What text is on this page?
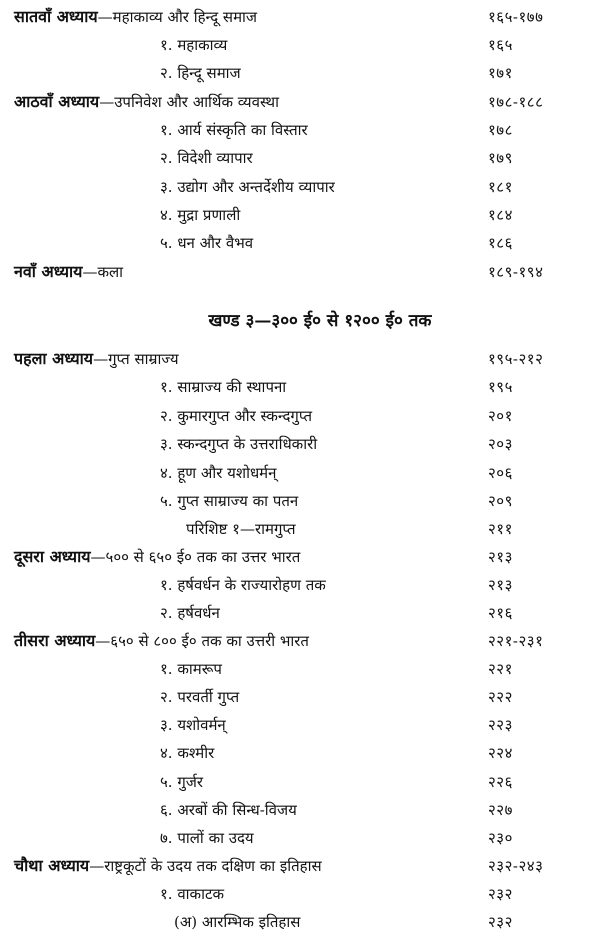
खण्ड ३—३०० ई० से १२०० ई० तक
सातवाँ अध्याय—महाकाव्य और हिन्दू समाज	१६५-१७७
१. महाकाव्य	१६५
२. हिन्दू समाज	१७१
आठवाँ अध्याय—उपनिवेश और आर्थिक व्यवस्था	१७८-१८८
१. आर्य संस्कृति का विस्तार	१७८
२. विदेशी व्यापार	१७९
३. उद्योग और अन्तर्देशीय व्यापार	१८१
४. मुद्रा प्रणाली	१८४
५. धन और वैभव	१८६
नवाँ अध्याय—कला	१८९-१९४
पहला अध्याय—गुप्त साम्राज्य	१९५-२१२
१. साम्राज्य की स्थापना	१९५
२. कुमारगुप्त और स्कन्दगुप्त	२०१
३. स्कन्दगुप्त के उत्तराधिकारी	२०३
४. हूण और यशोधर्मन्	२०६
५. गुप्त साम्राज्य का पतन	२०९
परिशिष्ट १—रामगुप्त	२११
दूसरा अध्याय—५०० से ६५० ई० तक का उत्तर भारत	२१३
१. हर्षवर्धन के राज्यारोहण तक	२१३
२. हर्षवर्धन	२१६
तीसरा अध्याय—६५० से ८०० ई० तक का उत्तरी भारत	२२१-२३१
१. कामरूप	२२१
२. परवर्ती गुप्त	२२२
३. यशोवर्मन्	२२३
४. कश्मीर	२२४
५. गुर्जर	२२६
६. अरबों की सिन्ध-विजय	२२७
७. पालों का उदय	२३०
चौथा अध्याय—राष्ट्रकूटों के उदय तक दक्षिण का इतिहास	२३२-२४३
१. वाकाटक	२३२
(अ) आरम्भिक इतिहास	२३२
